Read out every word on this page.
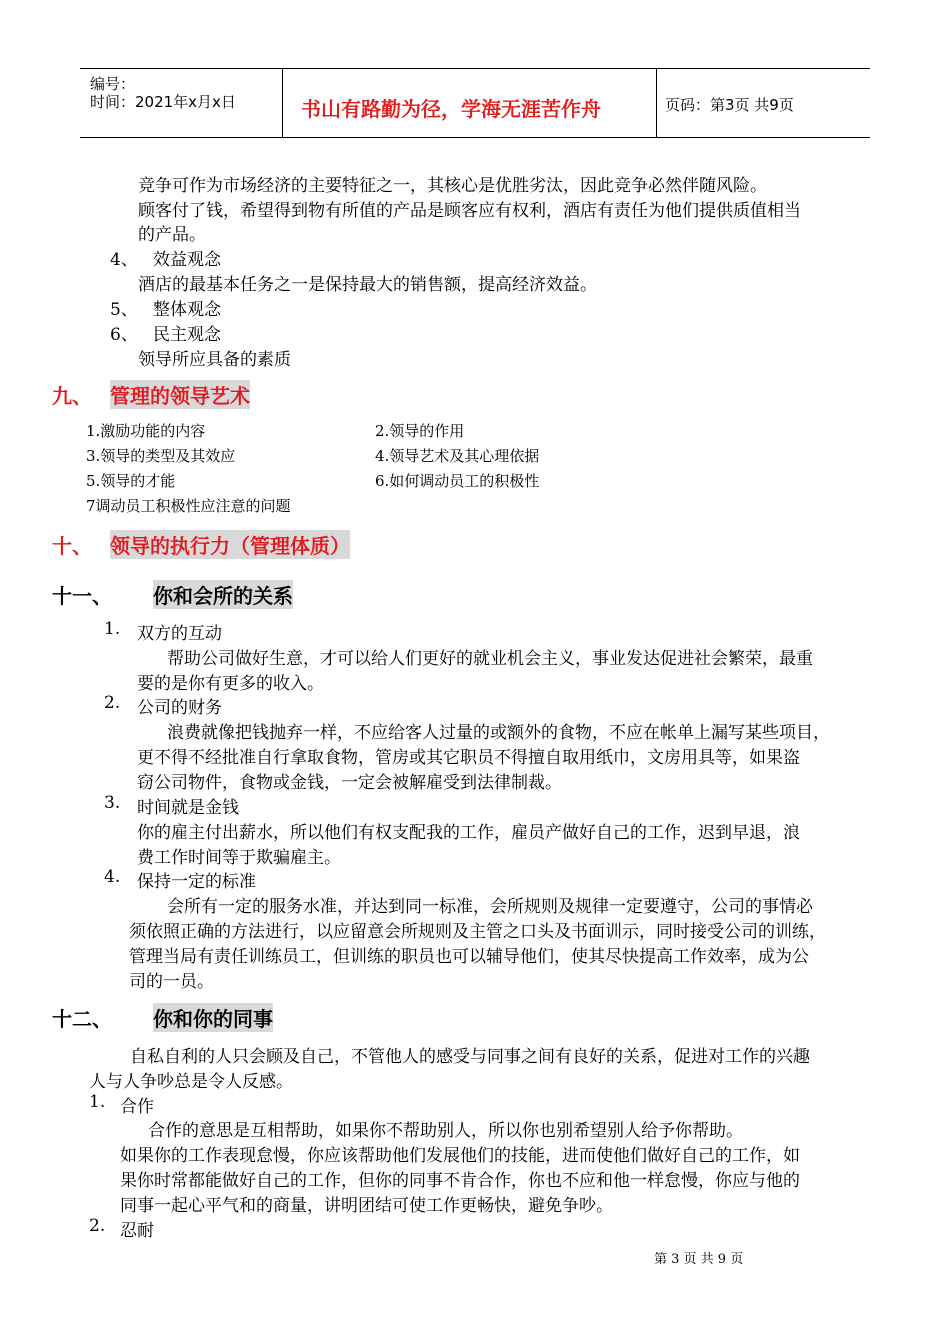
编号：
时间：2021年x月x日	书山有路勤为径，学海无涯苦作舟	页码：第3页 共9页
竞争可作为市场经济的主要特征之一，其核心是优胜劣汰，因此竞争必然伴随风险。
顾客付了钱，希望得到物有所值的产品是顾客应有权利，酒店有责任为他们提供质值相当
的产品。
4、 效益观念
酒店的最基本任务之一是保持最大的销售额，提高经济效益。
5、 整体观念
6、 民主观念
领导所应具备的素质
九、 管理的领导艺术
1.激励功能的内容	2.领导的作用
3.领导的类型及其效应	4.领导艺术及其心理依据
5.领导的才能	6.如何调动员工的积极性
7调动员工积极性应注意的问题
十、 领导的执行力（管理体质）
十一、 你和会所的关系
1. 双方的互动
帮助公司做好生意，才可以给人们更好的就业机会主义，事业发达促进社会繁荣，最重
要的是你有更多的收入。
2. 公司的财务
浪费就像把钱抛弃一样，不应给客人过量的或额外的食物，不应在帐单上漏写某些项目，
更不得不经批准自行拿取食物，管房或其它职员不得擅自取用纸巾，文房用具等，如果盗
窃公司物件，食物或金钱，一定会被解雇受到法律制裁。
3. 时间就是金钱
你的雇主付出薪水，所以他们有权支配我的工作，雇员产做好自己的工作，迟到早退，浪
费工作时间等于欺骗雇主。
4. 保持一定的标准
会所有一定的服务水准，并达到同一标准，会所规则及规律一定要遵守，公司的事情必
须依照正确的方法进行，以应留意会所规则及主管之口头及书面训示，同时接受公司的训练，
管理当局有责任训练员工，但训练的职员也可以辅导他们，使其尽快提高工作效率，成为公
司的一员。
十二、 你和你的同事
自私自利的人只会顾及自己，不管他人的感受与同事之间有良好的关系，促进对工作的兴趣
人与人争吵总是令人反感。
1. 合作
合作的意思是互相帮助，如果你不帮助别人，所以你也别希望别人给予你帮助。
如果你的工作表现怠慢，你应该帮助他们发展他们的技能，进而使他们做好自己的工作，如
果你时常都能做好自己的工作，但你的同事不肯合作，你也不应和他一样怠慢，你应与他的
同事一起心平气和的商量，讲明团结可使工作更畅快，避免争吵。
2. 忍耐
第 3 页 共 9 页
